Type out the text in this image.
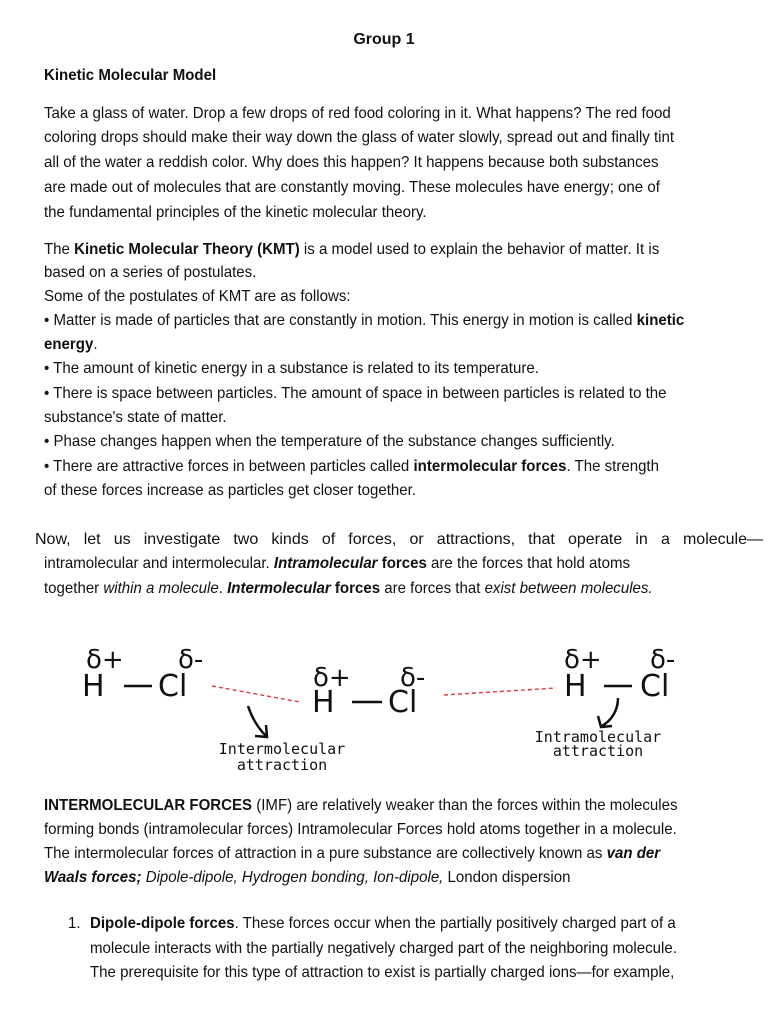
Group 1
Kinetic Molecular Model
Take a glass of water. Drop a few drops of red food coloring in it. What happens? The red food
coloring drops should make their way down the glass of water slowly, spread out and finally tint
all of the water a reddish color. Why does this happen? It happens because both substances
are made out of molecules that are constantly moving. These molecules have energy; one of
the fundamental principles of the kinetic molecular theory.
The Kinetic Molecular Theory (KMT) is a model used to explain the behavior of matter. It is
based on a series of postulates.
Some of the postulates of KMT are as follows:
• Matter is made of particles that are constantly in motion. This energy in motion is called kinetic
energy.
• The amount of kinetic energy in a substance is related to its temperature.
• There is space between particles. The amount of space in between particles is related to the
substance's state of matter.
• Phase changes happen when the temperature of the substance changes sufficiently.
• There are attractive forces in between particles called intermolecular forces. The strength
of these forces increase as particles get closer together.
Now, let us investigate two kinds of forces, or attractions, that operate in a molecule—
intramolecular and intermolecular. Intramolecular forces are the forces that hold atoms
together within a molecule. Intermolecular forces are forces that exist between molecules.
δ+ δ-
H Cl	δ+ δ-
H Cl
δ+ δ-
H Cl
Intermolecular
attraction
Intramolecular
attraction
INTERMOLECULAR FORCES (IMF) are relatively weaker than the forces within the molecules
forming bonds (intramolecular forces) Intramolecular Forces hold atoms together in a molecule.
The intermolecular forces of attraction in a pure substance are collectively known as van der
Waals forces; Dipole-dipole, Hydrogen bonding, Ion-dipole, London dispersion
1. Dipole-dipole forces. These forces occur when the partially positively charged part of a
molecule interacts with the partially negatively charged part of the neighboring molecule.
The prerequisite for this type of attraction to exist is partially charged ions—for example,
